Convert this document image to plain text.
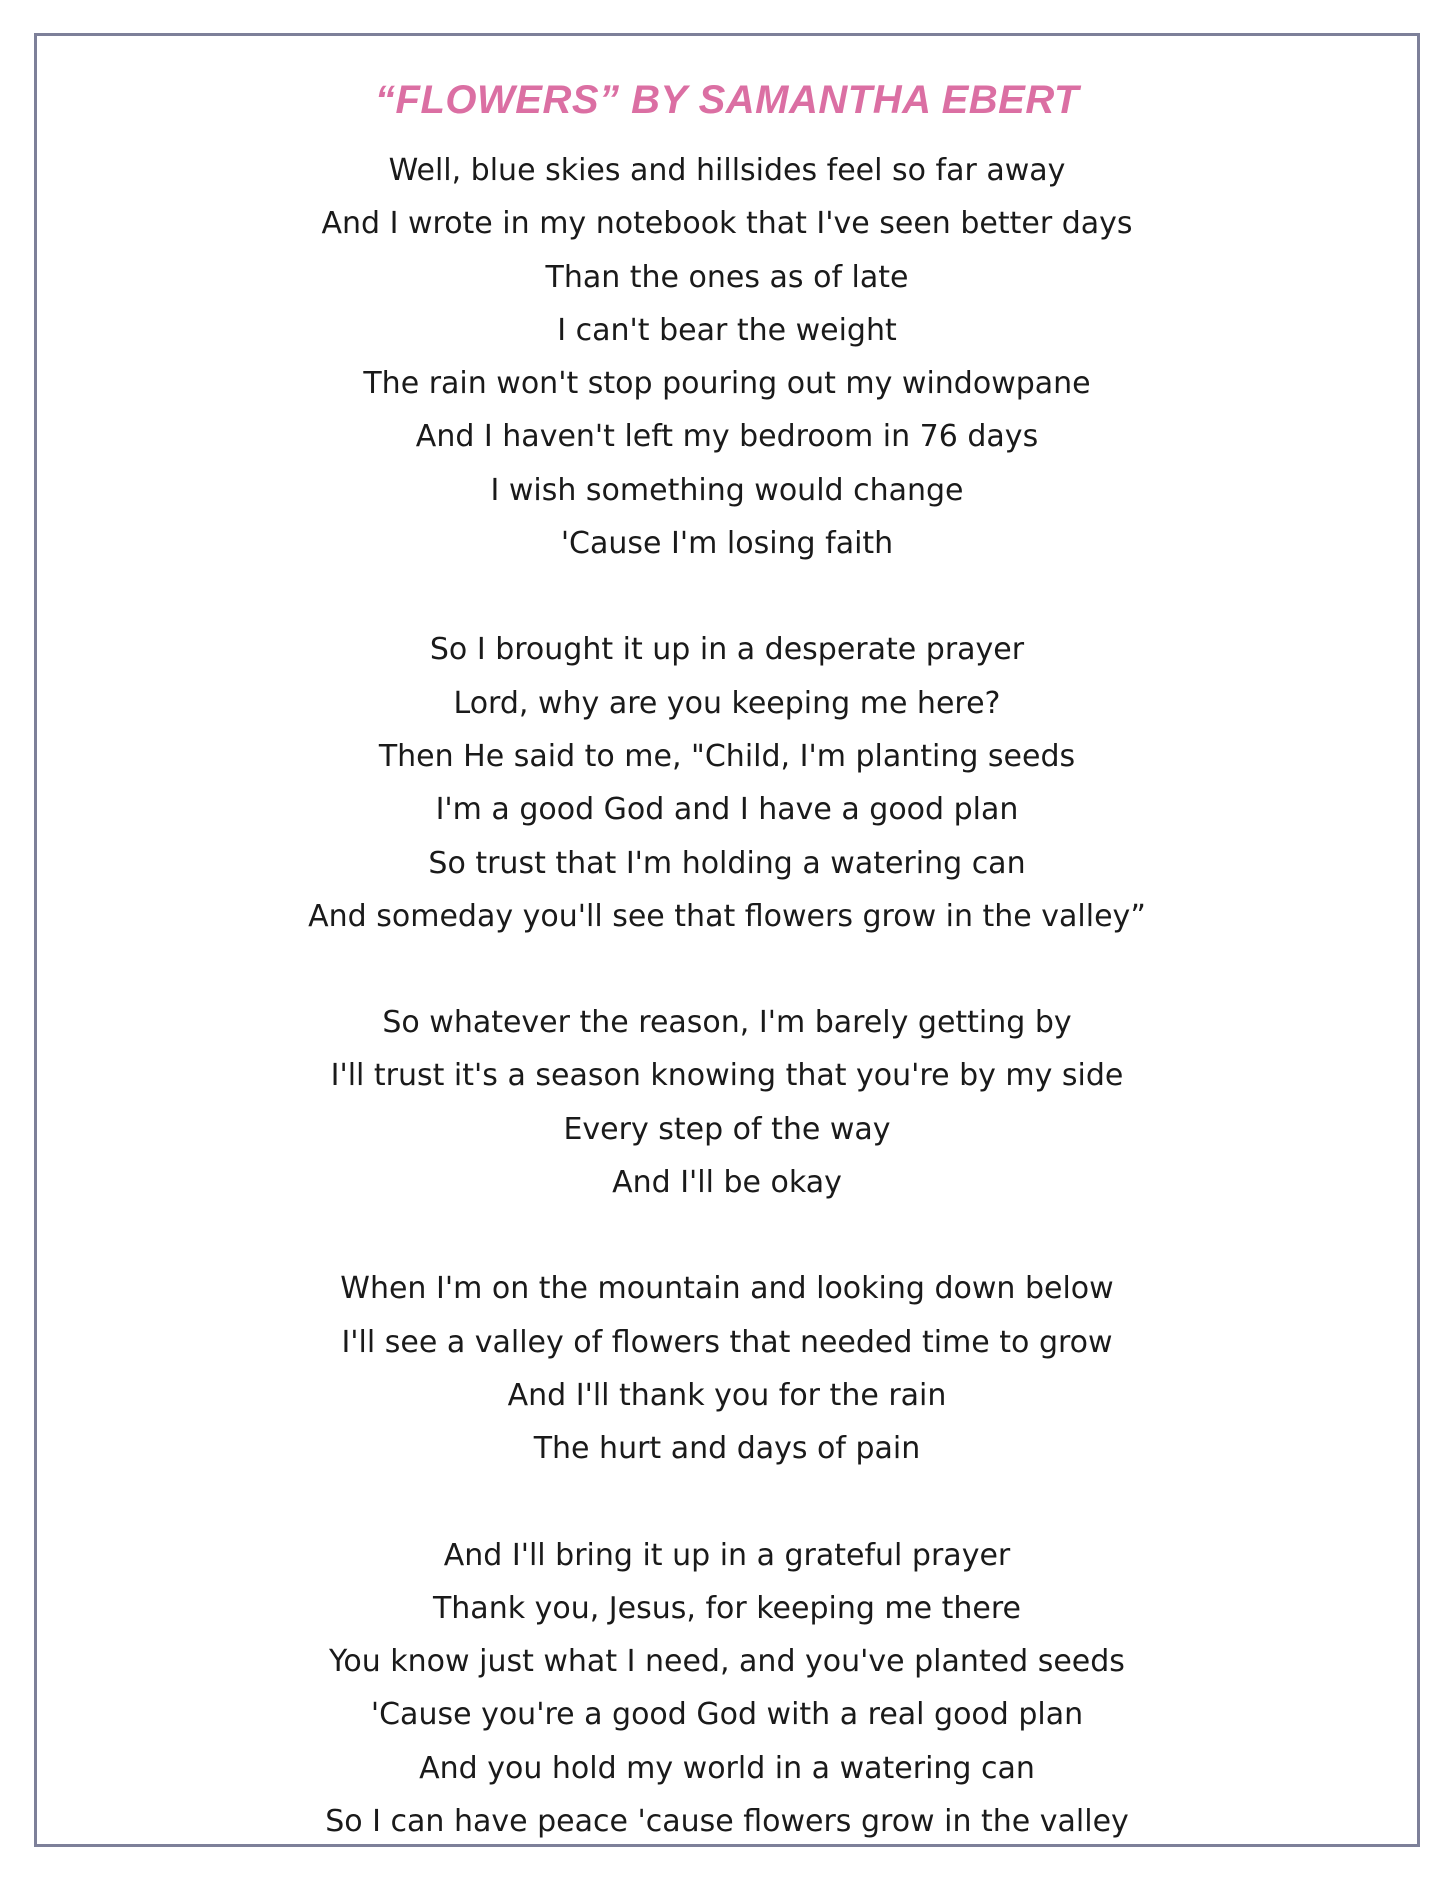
“FLOWERS” BY SAMANTHA EBERT
Well, blue skies and hillsides feel so far away
And I wrote in my notebook that I've seen better days
Than the ones as of late
I can't bear the weight
The rain won't stop pouring out my windowpane
And I haven't left my bedroom in 76 days
I wish something would change
'Cause I'm losing faith
So I brought it up in a desperate prayer
Lord, why are you keeping me here?
Then He said to me, "Child, I'm planting seeds
I'm a good God and I have a good plan
So trust that I'm holding a watering can
And someday you'll see that flowers grow in the valley”
So whatever the reason, I'm barely getting by
I'll trust it's a season knowing that you're by my side
Every step of the way
And I'll be okay
When I'm on the mountain and looking down below
I'll see a valley of flowers that needed time to grow
And I'll thank you for the rain
The hurt and days of pain
And I'll bring it up in a grateful prayer
Thank you, Jesus, for keeping me there
You know just what I need, and you've planted seeds
'Cause you're a good God with a real good plan
And you hold my world in a watering can
So I can have peace 'cause flowers grow in the valley
